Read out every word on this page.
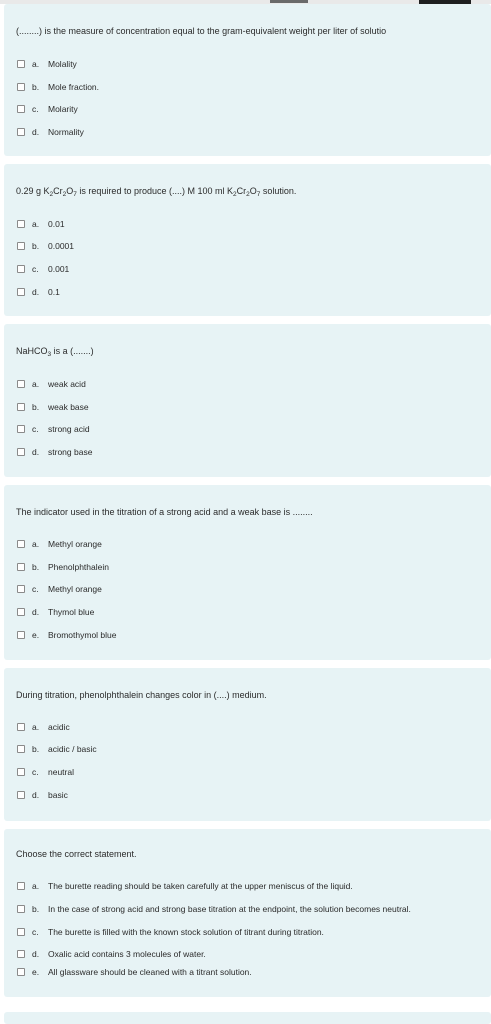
(........) is the measure of concentration equal to the gram-equivalent weight per liter of solutio
a.	Molality
b.	Mole fraction.
c.	Molarity
d.	Normality
0.29 g $K_2Cr_2O_7$ is required to produce (....) M 100 ml $K_2Cr_2O_7$ solution.
a.	0.01
b.	0.0001
c.	0.001
d.	0.1
NaHCO$_3$ is a (.......)
a.	weak acid
b.	weak base
c.	strong acid
d.	strong base
The indicator used in the titration of a strong acid and a weak base is ........
a.	Methyl orange
b.	Phenolphthalein
c.	Methyl orange
d.	Thymol blue
e.	Bromothymol blue
During titration, phenolphthalein changes color in (....) medium.
a.	acidic
b.	acidic / basic
c.	neutral
d.	basic
Choose the correct statement.
a.	The burette reading should be taken carefully at the upper meniscus of the liquid.
b.	In the case of strong acid and strong base titration at the endpoint, the solution becomes neutral.
c.	The burette is filled with the known stock solution of titrant during titration.
d.	Oxalic acid contains 3 molecules of water.
e.	All glassware should be cleaned with a titrant solution.
